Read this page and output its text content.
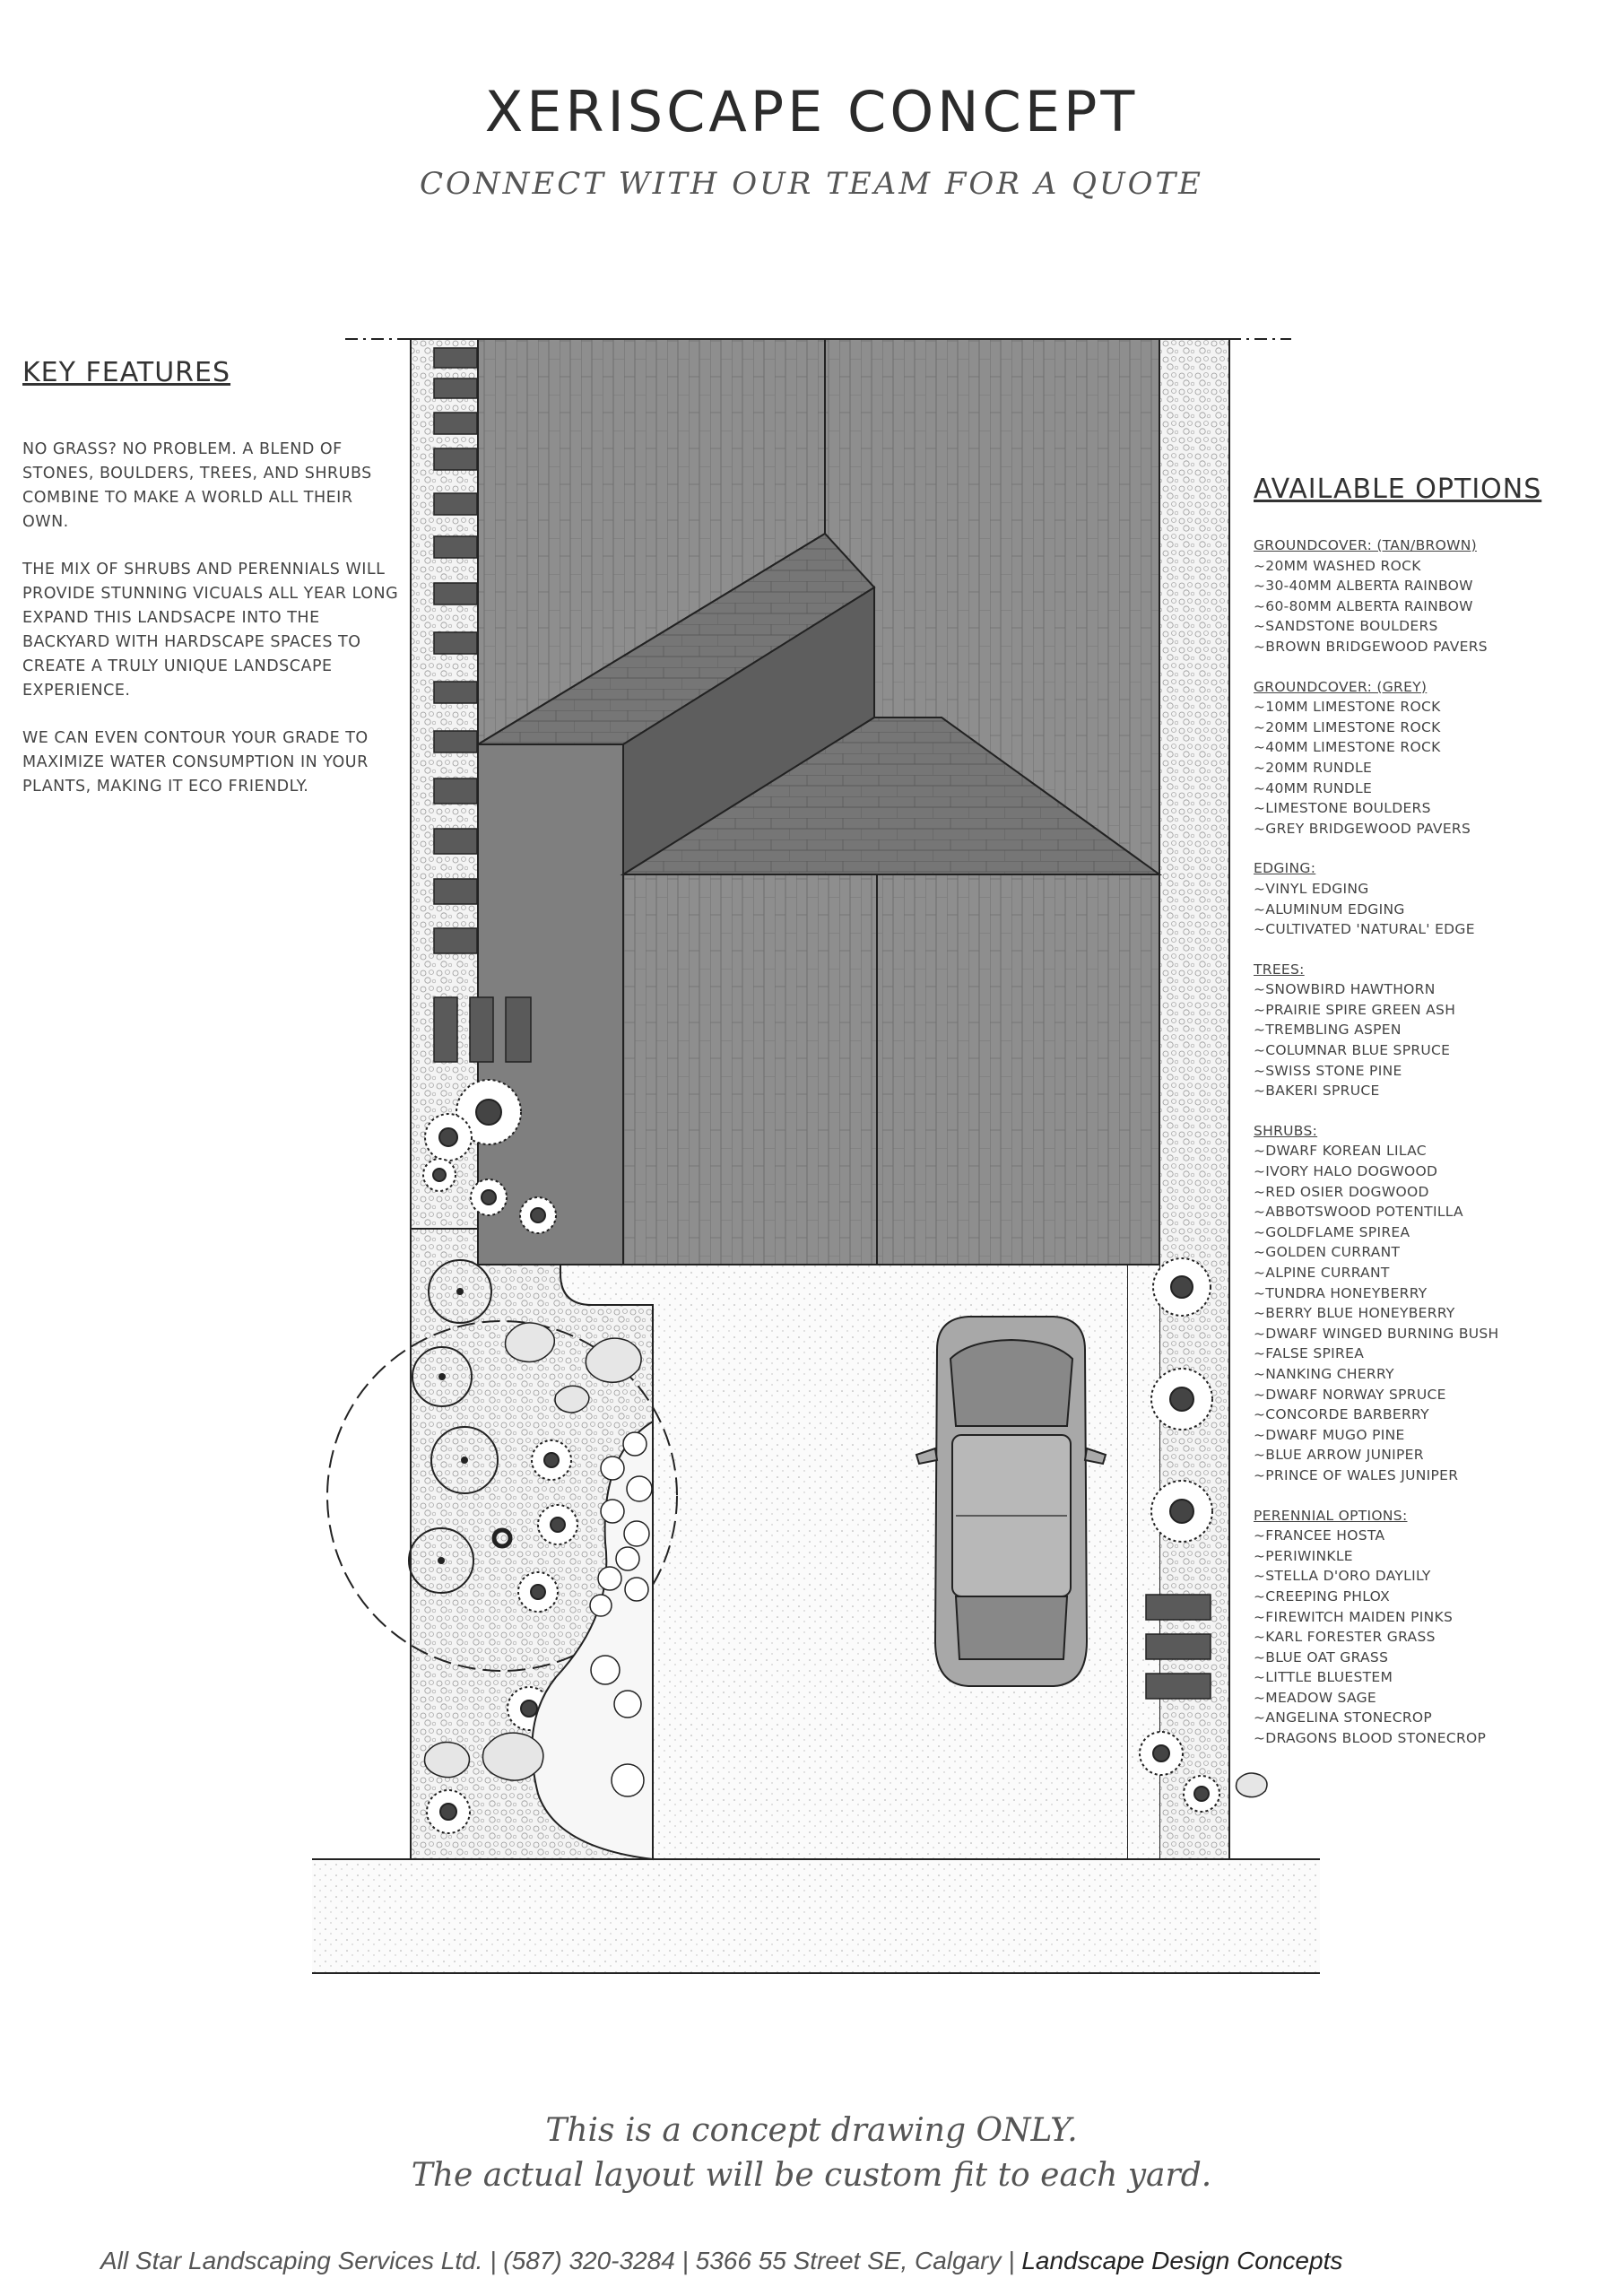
XERISCAPE CONCEPT
CONNECT WITH OUR TEAM FOR A QUOTE
KEY FEATURES

NO GRASS? NO PROBLEM. A BLEND OF STONES, BOULDERS, TREES, AND SHRUBS COMBINE TO MAKE A WORLD ALL THEIR OWN.

THE MIX OF SHRUBS AND PERENNIALS WILL PROVIDE STUNNING VICUALS ALL YEAR LONG EXPAND THIS LANDSACPE INTO THE BACKYARD WITH HARDSCAPE SPACES TO CREATE A TRULY UNIQUE LANDSCAPE EXPERIENCE.

WE CAN EVEN CONTOUR YOUR GRADE TO MAXIMIZE WATER CONSUMPTION IN YOUR PLANTS, MAKING IT ECO FRIENDLY.

AVAILABLE OPTIONS
GROUNDCOVER: (TAN/BROWN)
~20MM WASHED ROCK
~30-40MM ALBERTA RAINBOW
~60-80MM ALBERTA RAINBOW
~SANDSTONE BOULDERS
~BROWN BRIDGEWOOD PAVERS
GROUNDCOVER: (GREY)
~10MM LIMESTONE ROCK
~20MM LIMESTONE ROCK
~40MM LIMESTONE ROCK
~20MM RUNDLE
~40MM RUNDLE
~LIMESTONE BOULDERS
~GREY BRIDGEWOOD PAVERS
EDGING:
~VINYL EDGING
~ALUMINUM EDGING
~CULTIVATED 'NATURAL' EDGE
TREES:
~SNOWBIRD HAWTHORN
~PRAIRIE SPIRE GREEN ASH
~TREMBLING ASPEN
~COLUMNAR BLUE SPRUCE
~SWISS STONE PINE
~BAKERI SPRUCE
SHRUBS:
~DWARF KOREAN LILAC
~IVORY HALO DOGWOOD
~RED OSIER DOGWOOD
~ABBOTSWOOD POTENTILLA
~GOLDFLAME SPIREA
~GOLDEN CURRANT
~ALPINE CURRANT
~TUNDRA HONEYBERRY
~BERRY BLUE HONEYBERRY
~DWARF WINGED BURNING BUSH
~FALSE SPIREA
~NANKING CHERRY
~DWARF NORWAY SPRUCE
~CONCORDE BARBERRY
~DWARF MUGO PINE
~BLUE ARROW JUNIPER
~PRINCE OF WALES JUNIPER
PERENNIAL OPTIONS:
~FRANCEE HOSTA
~PERIWINKLE
~STELLA D'ORO DAYLILY
~CREEPING PHLOX
~FIREWITCH MAIDEN PINKS
~KARL FORESTER GRASS
~BLUE OAT GRASS
~LITTLE BLUESTEM
~MEADOW SAGE
~ANGELINA STONECROP
~DRAGONS BLOOD STONECROP
This is a concept drawing ONLY.
The actual layout will be custom fit to each yard.
All Star Landscaping Services Ltd. | (587) 320-3284 | 5366 55 Street SE, Calgary | Landscape Design Concepts
